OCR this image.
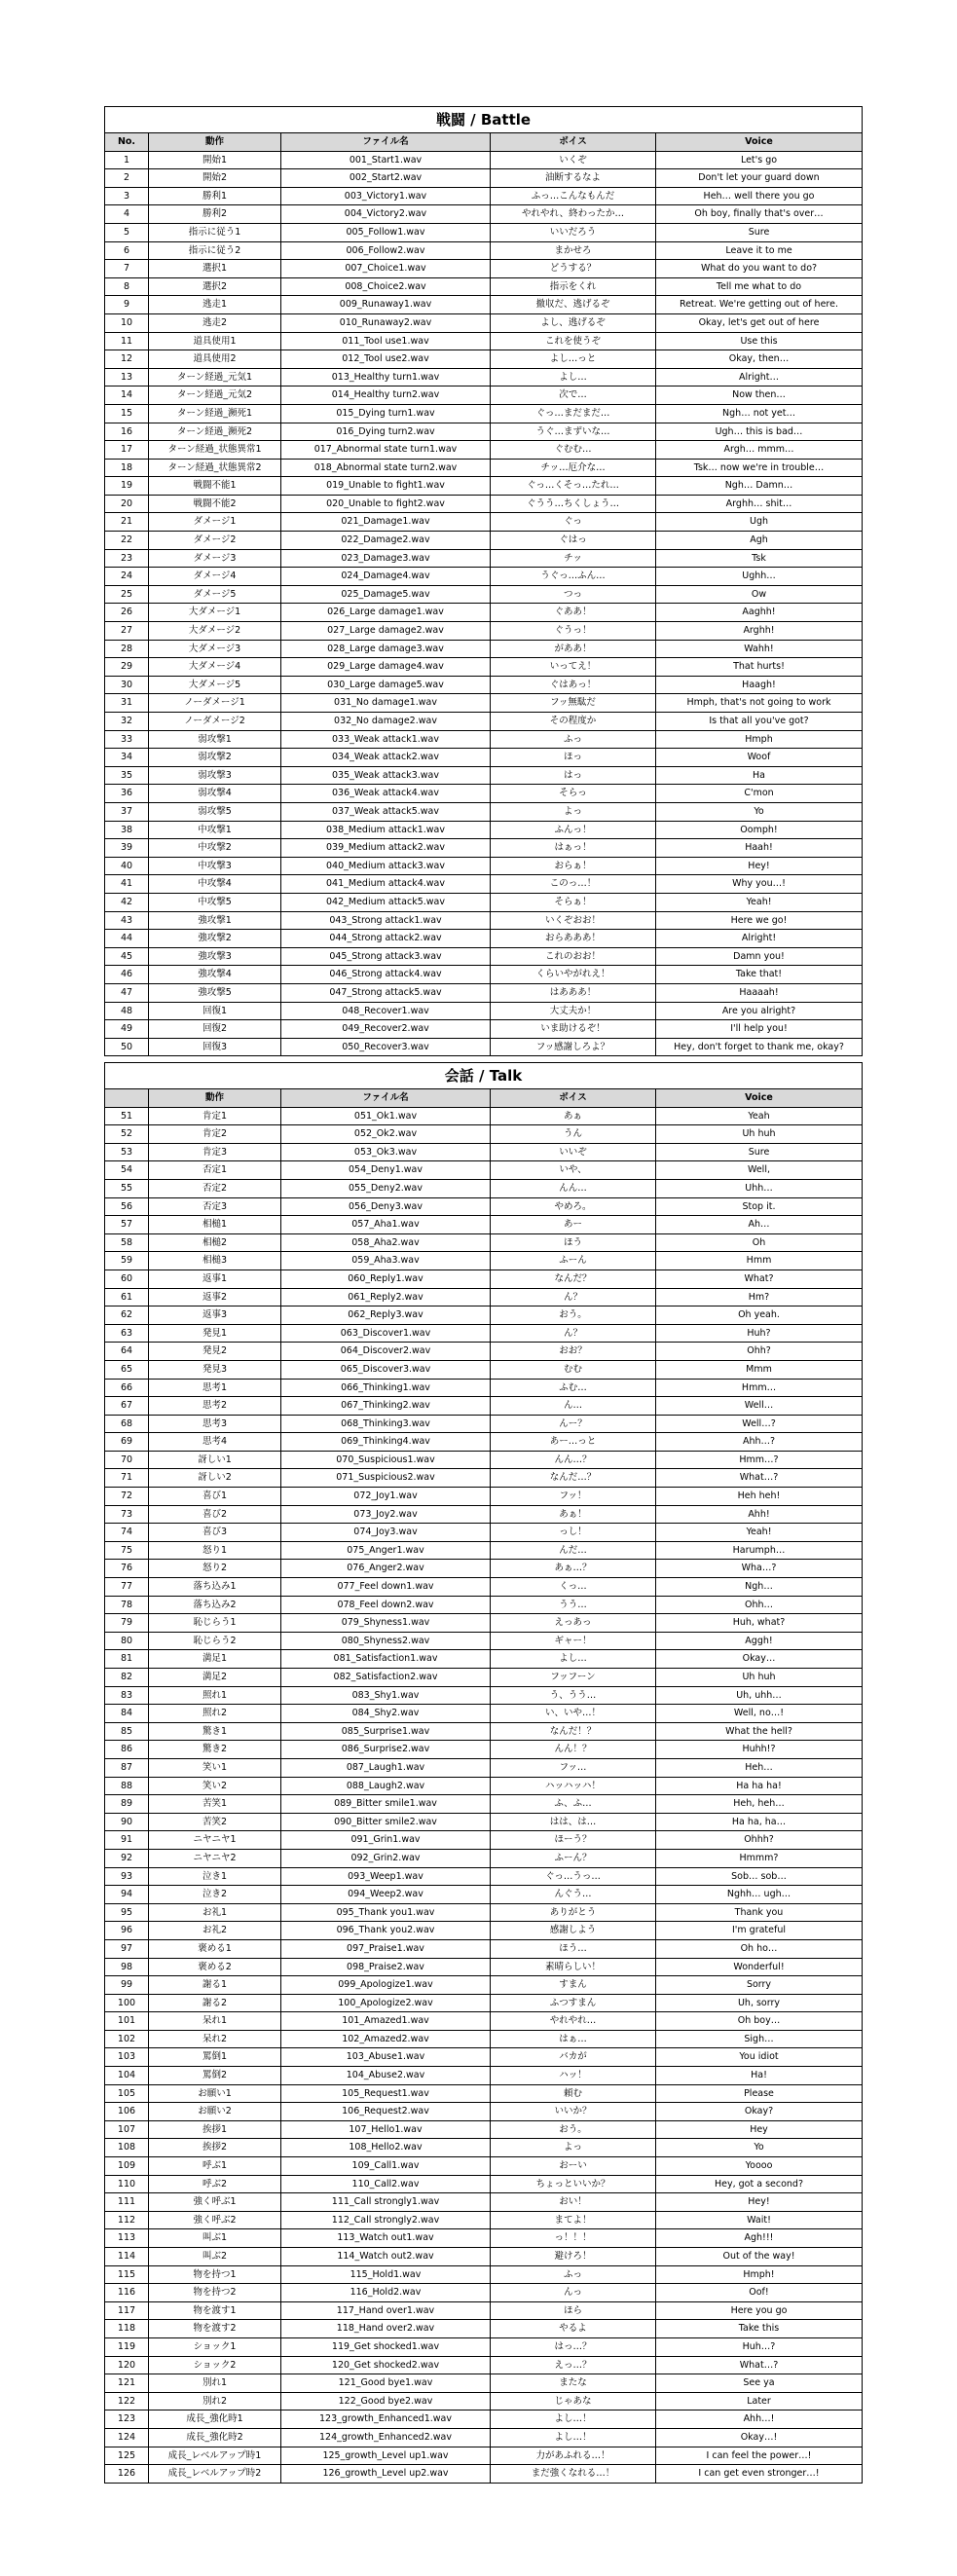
戦闘 / Battle				
No.	動作	ファイル名	ボイス	Voice
1	開始1	001_Start1.wav	いくぞ	Let's go
2	開始2	002_Start2.wav	油断するなよ	Don't let your guard down
3	勝利1	003_Victory1.wav	ふっ…こんなもんだ	Heh… well there you go
4	勝利2	004_Victory2.wav	やれやれ、終わったか…	Oh boy, finally that's over…
5	指示に従う1	005_Follow1.wav	いいだろう	Sure
6	指示に従う2	006_Follow2.wav	まかせろ	Leave it to me
7	選択1	007_Choice1.wav	どうする？	What do you want to do?
8	選択2	008_Choice2.wav	指示をくれ	Tell me what to do
9	逃走1	009_Runaway1.wav	撤収だ、逃げるぞ	Retreat. We're getting out of here.
10	逃走2	010_Runaway2.wav	よし、逃げるぞ	Okay, let's get out of here
11	道具使用1	011_Tool use1.wav	これを使うぞ	Use this
12	道具使用2	012_Tool use2.wav	よし…っと	Okay, then…
13	ターン経過_元気1	013_Healthy turn1.wav	よし…	Alright…
14	ターン経過_元気2	014_Healthy turn2.wav	次で…	Now then…
15	ターン経過_瀕死1	015_Dying turn1.wav	ぐっ…まだまだ…	Ngh… not yet…
16	ターン経過_瀕死2	016_Dying turn2.wav	うぐ…まずいな…	Ugh… this is bad…
17	ターン経過_状態異常1	017_Abnormal state turn1.wav	ぐむむ…	Argh… mmm…
18	ターン経過_状態異常2	018_Abnormal state turn2.wav	チッ…厄介な…	Tsk… now we're in trouble…
19	戦闘不能1	019_Unable to fight1.wav	ぐっ…くそっ…たれ…	Ngh… Damn…
20	戦闘不能2	020_Unable to fight2.wav	ぐうう…ちくしょう…	Arghh… shit…
21	ダメージ1	021_Damage1.wav	ぐっ	Ugh
22	ダメージ2	022_Damage2.wav	ぐはっ	Agh
23	ダメージ3	023_Damage3.wav	チッ	Tsk
24	ダメージ4	024_Damage4.wav	うぐっ…ふん…	Ughh…
25	ダメージ5	025_Damage5.wav	つっ	Ow
26	大ダメージ1	026_Large damage1.wav	ぐああ！	Aaghh!
27	大ダメージ2	027_Large damage2.wav	ぐうっ！	Arghh!
28	大ダメージ3	028_Large damage3.wav	がああ！	Wahh!
29	大ダメージ4	029_Large damage4.wav	いってえ！	That hurts!
30	大ダメージ5	030_Large damage5.wav	ぐはあっ！	Haagh!
31	ノーダメージ1	031_No damage1.wav	フッ無駄だ	Hmph, that's not going to work
32	ノーダメージ2	032_No damage2.wav	その程度か	Is that all you've got?
33	弱攻撃1	033_Weak attack1.wav	ふっ	Hmph
34	弱攻撃2	034_Weak attack2.wav	ほっ	Woof
35	弱攻撃3	035_Weak attack3.wav	はっ	Ha
36	弱攻撃4	036_Weak attack4.wav	そらっ	C'mon
37	弱攻撃5	037_Weak attack5.wav	よっ	Yo
38	中攻撃1	038_Medium attack1.wav	ふんっ！	Oomph!
39	中攻撃2	039_Medium attack2.wav	はぁっ！	Haah!
40	中攻撃3	040_Medium attack3.wav	おらぁ！	Hey!
41	中攻撃4	041_Medium attack4.wav	このっ…！	Why you…!
42	中攻撃5	042_Medium attack5.wav	そらぁ！	Yeah!
43	強攻撃1	043_Strong attack1.wav	いくぞおお！	Here we go!
44	強攻撃2	044_Strong attack2.wav	おらあああ！	Alright!
45	強攻撃3	045_Strong attack3.wav	これのおお！	Damn you!
46	強攻撃4	046_Strong attack4.wav	くらいやがれえ！	Take that!
47	強攻撃5	047_Strong attack5.wav	はあああ！	Haaaah!
48	回復1	048_Recover1.wav	大丈夫か！	Are you alright?
49	回復2	049_Recover2.wav	いま助けるぞ！	I'll help you!
50	回復3	050_Recover3.wav	フッ感謝しろよ？	Hey, don't forget to thank me, okay?
会話 / Talk				
	動作	ファイル名	ボイス	Voice
51	肯定1	051_Ok1.wav	あぁ	Yeah
52	肯定2	052_Ok2.wav	うん	Uh huh
53	肯定3	053_Ok3.wav	いいぞ	Sure
54	否定1	054_Deny1.wav	いや、	Well,
55	否定2	055_Deny2.wav	んん…	Uhh…
56	否定3	056_Deny3.wav	やめろ。	Stop it.
57	相槌1	057_Aha1.wav	あー	Ah…
58	相槌2	058_Aha2.wav	ほう	Oh
59	相槌3	059_Aha3.wav	ふーん	Hmm
60	返事1	060_Reply1.wav	なんだ？	What?
61	返事2	061_Reply2.wav	ん？	Hm?
62	返事3	062_Reply3.wav	おう。	Oh yeah.
63	発見1	063_Discover1.wav	ん？	Huh?
64	発見2	064_Discover2.wav	おお？	Ohh?
65	発見3	065_Discover3.wav	むむ	Mmm
66	思考1	066_Thinking1.wav	ふむ…	Hmm…
67	思考2	067_Thinking2.wav	ん…	Well…
68	思考3	068_Thinking3.wav	んー？	Well…?
69	思考4	069_Thinking4.wav	あー…っと	Ahh…?
70	訝しい1	070_Suspicious1.wav	んん…？	Hmm…?
71	訝しい2	071_Suspicious2.wav	なんだ…？	What…?
72	喜び1	072_Joy1.wav	フッ！	Heh heh!
73	喜び2	073_Joy2.wav	あぁ！	Ahh!
74	喜び3	074_Joy3.wav	っし！	Yeah!
75	怒り1	075_Anger1.wav	んだ…	Harumph…
76	怒り2	076_Anger2.wav	あぁ…？	Wha…?
77	落ち込み1	077_Feel down1.wav	くっ…	Ngh…
78	落ち込み2	078_Feel down2.wav	うう…	Ohh…
79	恥じらう1	079_Shyness1.wav	えっあっ	Huh, what?
80	恥じらう2	080_Shyness2.wav	ギャー！	Aggh!
81	満足1	081_Satisfaction1.wav	よし…	Okay…
82	満足2	082_Satisfaction2.wav	フッフーン	Uh huh
83	照れ1	083_Shy1.wav	う、うう…	Uh, uhh…
84	照れ2	084_Shy2.wav	い、いや…！	Well, no…!
85	驚き1	085_Surprise1.wav	なんだ！？	What the hell?
86	驚き2	086_Surprise2.wav	んん！？	Huhh!?
87	笑い1	087_Laugh1.wav	フッ…	Heh…
88	笑い2	088_Laugh2.wav	ハッハッハ！	Ha ha ha!
89	苦笑1	089_Bitter smile1.wav	ふ、ふ…	Heh, heh…
90	苦笑2	090_Bitter smile2.wav	はは、は…	Ha ha, ha…
91	ニヤニヤ1	091_Grin1.wav	ほーう？	Ohhh?
92	ニヤニヤ2	092_Grin2.wav	ふーん？	Hmmm?
93	泣き1	093_Weep1.wav	ぐっ…うっ…	Sob… sob…
94	泣き2	094_Weep2.wav	んぐう…	Nghh… ugh…
95	お礼1	095_Thank you1.wav	ありがとう	Thank you
96	お礼2	096_Thank you2.wav	感謝しよう	I'm grateful
97	褒める1	097_Praise1.wav	ほう…	Oh ho…
98	褒める2	098_Praise2.wav	素晴らしい！	Wonderful!
99	謝る1	099_Apologize1.wav	すまん	Sorry
100	謝る2	100_Apologize2.wav	ふつすまん	Uh, sorry
101	呆れ1	101_Amazed1.wav	やれやれ…	Oh boy…
102	呆れ2	102_Amazed2.wav	はぁ…	Sigh…
103	罵倒1	103_Abuse1.wav	バカが	You idiot
104	罵倒2	104_Abuse2.wav	ハッ！	Ha!
105	お願い1	105_Request1.wav	頼む	Please
106	お願い2	106_Request2.wav	いいか？	Okay?
107	挨拶1	107_Hello1.wav	おう。	Hey
108	挨拶2	108_Hello2.wav	よっ	Yo
109	呼ぶ1	109_Call1.wav	おーい	Yoooo
110	呼ぶ2	110_Call2.wav	ちょっといいか？	Hey, got a second?
111	強く呼ぶ1	111_Call strongly1.wav	おい！	Hey!
112	強く呼ぶ2	112_Call strongly2.wav	まてよ！	Wait!
113	叫ぶ1	113_Watch out1.wav	っ！！！	Agh!!!
114	叫ぶ2	114_Watch out2.wav	避けろ！	Out of the way!
115	物を持つ1	115_Hold1.wav	ふっ	Hmph!
116	物を持つ2	116_Hold2.wav	んっ	Oof!
117	物を渡す1	117_Hand over1.wav	ほら	Here you go
118	物を渡す2	118_Hand over2.wav	やるよ	Take this
119	ショック1	119_Get shocked1.wav	はっ…？	Huh…?
120	ショック2	120_Get shocked2.wav	えっ…？	What…?
121	別れ1	121_Good bye1.wav	またな	See ya
122	別れ2	122_Good bye2.wav	じゃあな	Later
123	成長_強化時1	123_growth_Enhanced1.wav	よし…！	Ahh…!
124	成長_強化時2	124_growth_Enhanced2.wav	よし…！	Okay…!
125	成長_レベルアップ時1	125_growth_Level up1.wav	力があふれる…！	I can feel the power…!
126	成長_レベルアップ時2	126_growth_Level up2.wav	まだ強くなれる…！	I can get even stronger…!
